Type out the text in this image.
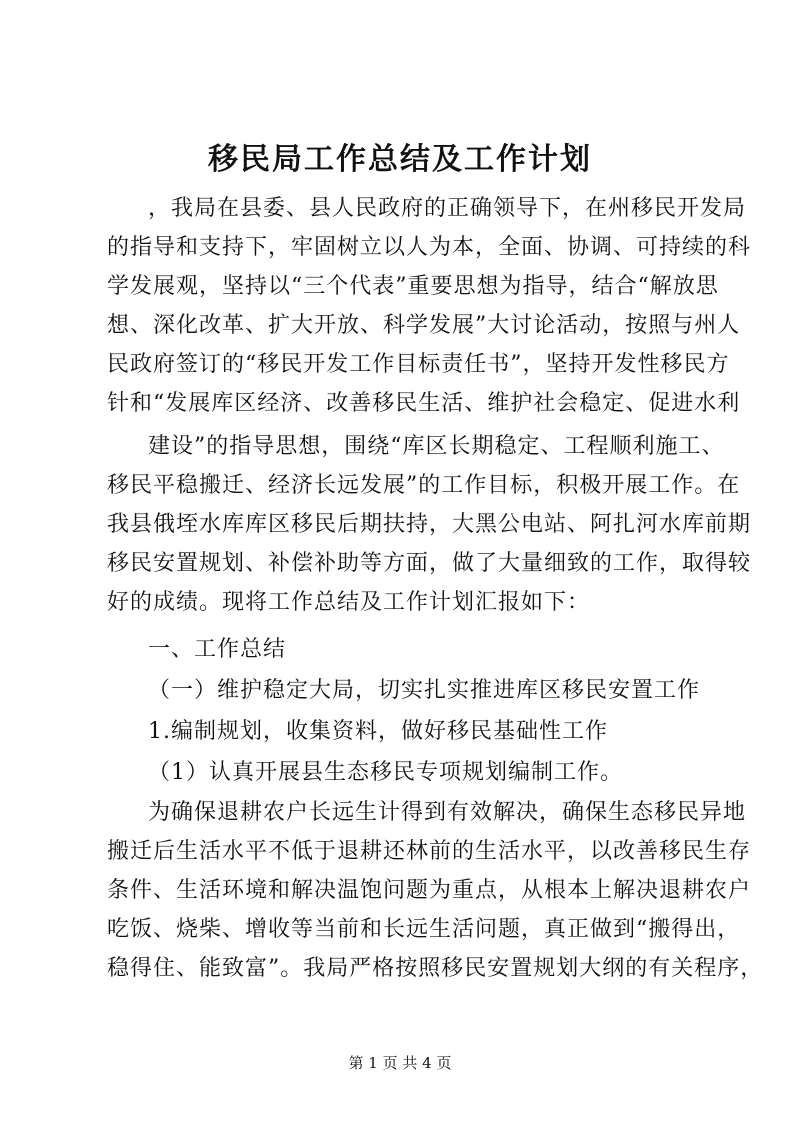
移民局工作总结及工作计划
，我局在县委、县人民政府的正确领导下，在州移民开发局
的指导和支持下，牢固树立以人为本，全面、协调、可持续的科
学发展观，坚持以“三个代表”重要思想为指导，结合“解放思
想、深化改革、扩大开放、科学发展”大讨论活动，按照与州人
民政府签订的“移民开发工作目标责任书”，坚持开发性移民方
针和“发展库区经济、改善移民生活、维护社会稳定、促进水利
建设”的指导思想，围绕“库区长期稳定、工程顺利施工、
移民平稳搬迁、经济长远发展”的工作目标，积极开展工作。在
我县俄垤水库库区移民后期扶持，大黑公电站、阿扎河水库前期
移民安置规划、补偿补助等方面，做了大量细致的工作，取得较
好的成绩。现将工作总结及工作计划汇报如下：
一、工作总结
（一）维护稳定大局，切实扎实推进库区移民安置工作
1.编制规划，收集资料，做好移民基础性工作
（1）认真开展县生态移民专项规划编制工作。
为确保退耕农户长远生计得到有效解决，确保生态移民异地
搬迁后生活水平不低于退耕还林前的生活水平，以改善移民生存
条件、生活环境和解决温饱问题为重点，从根本上解决退耕农户
吃饭、烧柴、增收等当前和长远生活问题，真正做到“搬得出，
稳得住、能致富”。我局严格按照移民安置规划大纲的有关程序，
第 1 页 共 4 页
